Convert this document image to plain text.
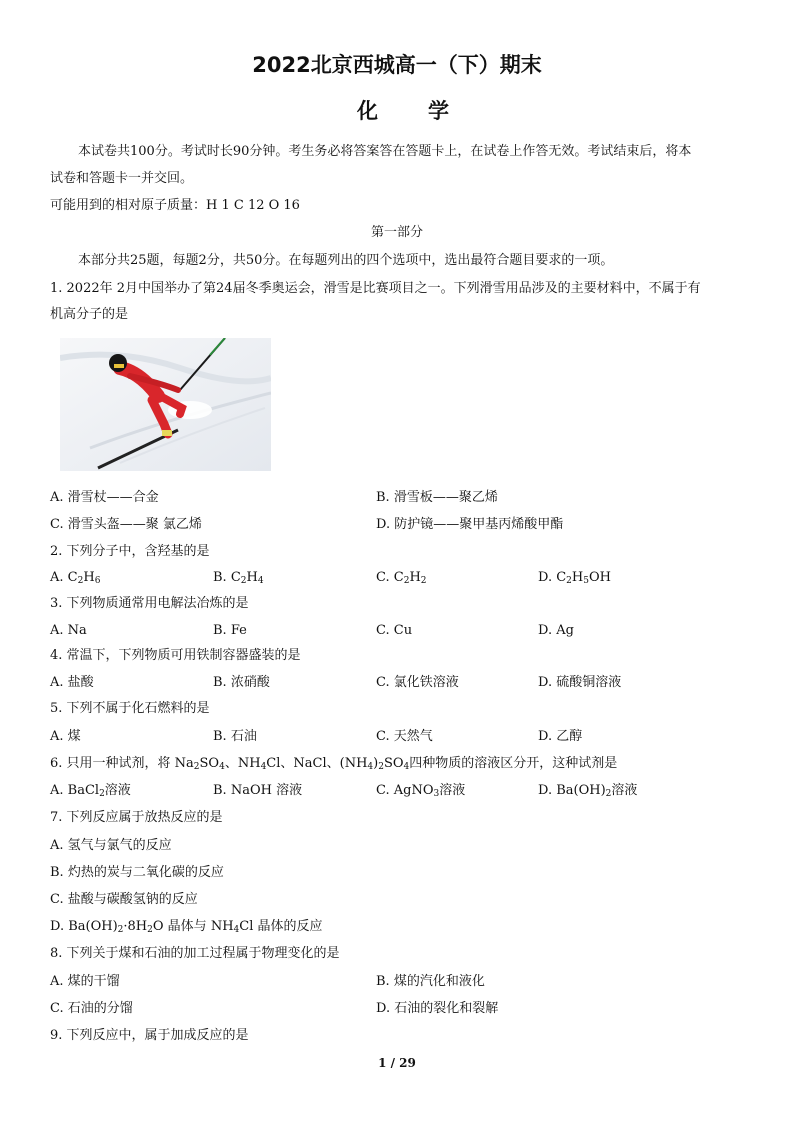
2022北京西城高一（下）期末
化 学
本试卷共100分。考试时长90分钟。考生务必将答案答在答题卡上，在试卷上作答无效。考试结束后，将本
试卷和答题卡一并交回。
可能用到的相对原子质量：H 1 C 12 O 16
第一部分
本部分共25题，每题2分，共50分。在每题列出的四个选项中，选出最符合题目要求的一项。
1. 2022年 2月中国举办了第24届冬季奥运会，滑雪是比赛项目之一。下列滑雪用品涉及的主要材料中，不属于有
机高分子的是
A. 滑雪杖——合金	B. 滑雪板——聚乙烯
C. 滑雪头盔——聚 氯乙烯	D. 防护镜——聚甲基丙烯酸甲酯
2. 下列分子中，含羟基的是
A. $C_2H_6$	B. $C_2H_4$	C. $C_2H_2$	D. $C_2H_5OH$
3. 下列物质通常用电解法冶炼的是
A. Na	B. Fe	C. Cu	D. Ag
4. 常温下，下列物质可用铁制容器盛装的是
A. 盐酸	B. 浓硝酸	C. 氯化铁溶液	D. 硫酸铜溶液
5. 下列不属于化石燃料的是
A. 煤	B. 石油	C. 天然气	D. 乙醇
6. 只用一种试剂，将 $Na_2SO_4$、$NH_4Cl$、NaCl、$(NH_4)_2SO_4$四种物质的溶液区分开，这种试剂是
A. BaCl$_2$溶液	B. NaOH 溶液	C. AgNO$_3$溶液	D. $Ba(OH)_2$溶液
7. 下列反应属于放热反应的是
A. 氢气与氯气的反应
B. 灼热的炭与二氧化碳的反应
C. 盐酸与碳酸氢钠的反应
D. $Ba(OH)_2\cdot 8H_2O$ 晶体与 $NH_4Cl$ 晶体的反应
8. 下列关于煤和石油的加工过程属于物理变化的是
A. 煤的干馏	B. 煤的汽化和液化
C. 石油的分馏	D. 石油的裂化和裂解
9. 下列反应中，属于加成反应的是
1 / 29
